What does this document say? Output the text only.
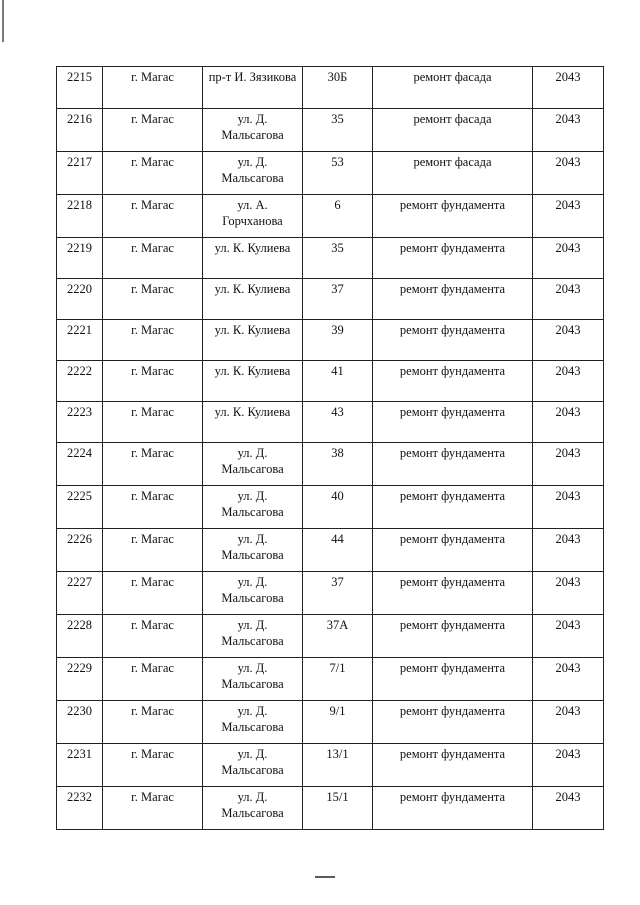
2215	г. Магас	пр-т И. Зязикова	30Б	ремонт фасада	2043
2216	г. Магас	ул. Д. Мальсагова	35	ремонт фасада	2043
2217	г. Магас	ул. Д. Мальсагова	53	ремонт фасада	2043
2218	г. Магас	ул. А. Горчханова	6	ремонт фундамента	2043
2219	г. Магас	ул. К. Кулиева	35	ремонт фундамента	2043
2220	г. Магас	ул. К. Кулиева	37	ремонт фундамента	2043
2221	г. Магас	ул. К. Кулиева	39	ремонт фундамента	2043
2222	г. Магас	ул. К. Кулиева	41	ремонт фундамента	2043
2223	г. Магас	ул. К. Кулиева	43	ремонт фундамента	2043
2224	г. Магас	ул. Д. Мальсагова	38	ремонт фундамента	2043
2225	г. Магас	ул. Д. Мальсагова	40	ремонт фундамента	2043
2226	г. Магас	ул. Д. Мальсагова	44	ремонт фундамента	2043
2227	г. Магас	ул. Д. Мальсагова	37	ремонт фундамента	2043
2228	г. Магас	ул. Д. Мальсагова	37А	ремонт фундамента	2043
2229	г. Магас	ул. Д. Мальсагова	7/1	ремонт фундамента	2043
2230	г. Магас	ул. Д. Мальсагова	9/1	ремонт фундамента	2043
2231	г. Магас	ул. Д. Мальсагова	13/1	ремонт фундамента	2043
2232	г. Магас	ул. Д. Мальсагова	15/1	ремонт фундамента	2043
